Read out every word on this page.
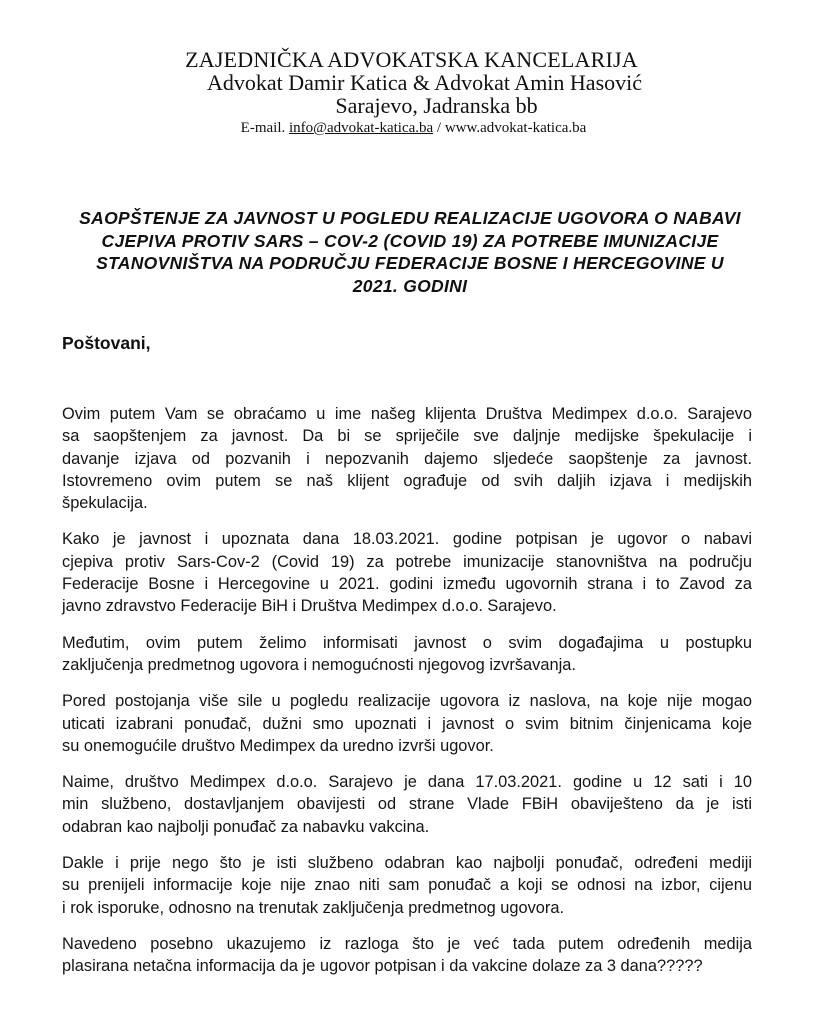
ZAJEDNIČKA ADVOKATSKA KANCELARIJA
Advokat Damir Katica & Advokat Amin Hasović
Sarajevo, Jadranska bb
E-mail. info@advokat-katica.ba / www.advokat-katica.ba
SAOPŠTENJE ZA JAVNOST U POGLEDU REALIZACIJE UGOVORA O NABAVI
CJEPIVA PROTIV SARS – COV-2 (COVID 19) ZA POTREBE IMUNIZACIJE
STANOVNIŠTVA NA PODRUČJU FEDERACIJE BOSNE I HERCEGOVINE U
2021. GODINI
Poštovani,
Ovim putem Vam se obraćamo u ime našeg klijenta Društva Medimpex d.o.o. Sarajevo
sa saopštenjem za javnost. Da bi se spriječile sve daljnje medijske špekulacije i
davanje izjava od pozvanih i nepozvanih dajemo sljedeće saopštenje za javnost.
Istovremeno ovim putem se naš klijent ograđuje od svih daljih izjava i medijskih
špekulacija.
Kako je javnost i upoznata dana 18.03.2021. godine potpisan je ugovor o nabavi
cjepiva protiv Sars-Cov-2 (Covid 19) za potrebe imunizacije stanovništva na području
Federacije Bosne i Hercegovine u 2021. godini između ugovornih strana i to Zavod za
javno zdravstvo Federacije BiH i Društva Medimpex d.o.o. Sarajevo.
Međutim, ovim putem želimo informisati javnost o svim događajima u postupku
zaključenja predmetnog ugovora i nemogućnosti njegovog izvršavanja.
Pored postojanja više sile u pogledu realizacije ugovora iz naslova, na koje nije mogao
uticati izabrani ponuđač, dužni smo upoznati i javnost o svim bitnim činjenicama koje
su onemogućile društvo Medimpex da uredno izvrši ugovor.
Naime, društvo Medimpex d.o.o. Sarajevo je dana 17.03.2021. godine u 12 sati i 10
min službeno, dostavljanjem obavijesti od strane Vlade FBiH obaviješteno da je isti
odabran kao najbolji ponuđač za nabavku vakcina.
Dakle i prije nego što je isti službeno odabran kao najbolji ponuđač, određeni mediji
su prenijeli informacije koje nije znao niti sam ponuđač a koji se odnosi na izbor, cijenu
i rok isporuke, odnosno na trenutak zaključenja predmetnog ugovora.
Navedeno posebno ukazujemo iz razloga što je već tada putem određenih medija
plasirana netačna informacija da je ugovor potpisan i da vakcine dolaze za 3 dana?????
